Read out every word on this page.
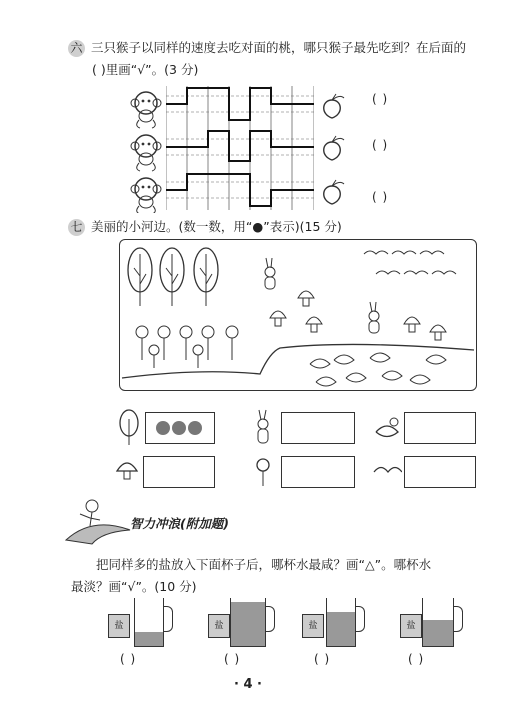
六 三只猴子以同样的速度去吃对面的桃，哪只猴子最先吃到？在后面的
( )里画“√”。(3 分)
( )
( )
( )
七 美丽的小河边。(数一数，用“●”表示)(15 分)
智力冲浪(附加题)
把同样多的盐放入下面杯子后，哪杯水最咸？画“△”。哪杯水
最淡？画“√”。(10 分)
盐	盐	盐	盐
( )	( )	( )	( )
· 4 ·
